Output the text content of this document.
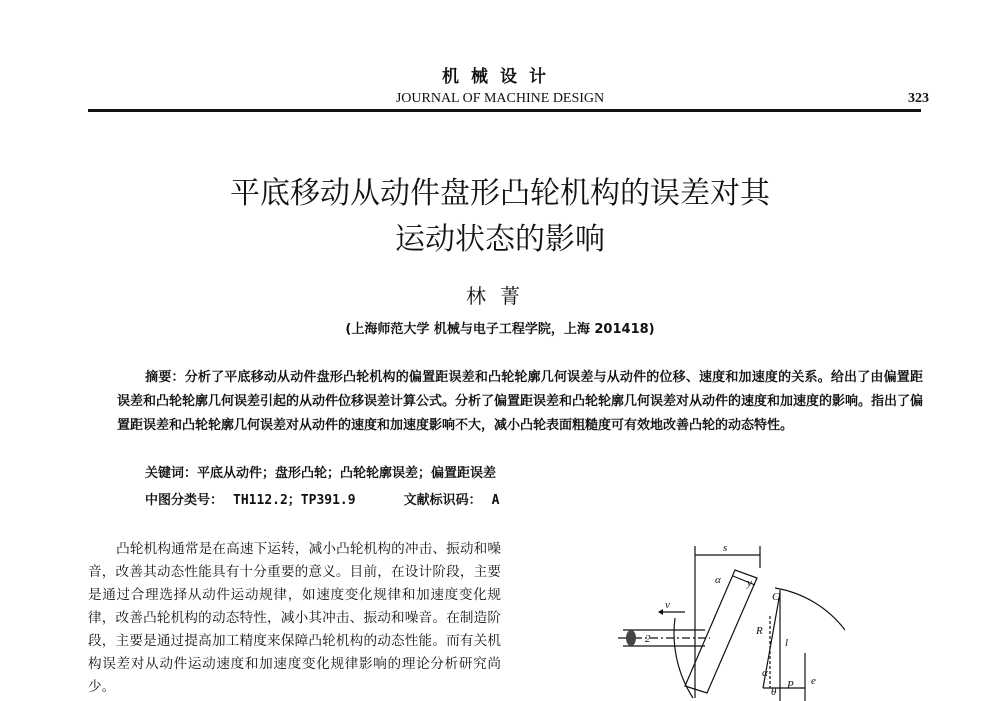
机械设计
JOURNAL OF MACHINE DESIGN	323
平底移动从动件盘形凸轮机构的误差对其
运动状态的影响
林菁
(上海师范大学 机械与电子工程学院，上海 201418)
摘要：分析了平底移动从动件盘形凸轮机构的偏置距误差和凸轮轮廓几何误差与从动件的位移、速度和加速度的关系。给出了由偏置距误差和凸轮轮廓几何误差引起的从动件位移误差计算公式。分析了偏置距误差和凸轮轮廓几何误差对从动件的速度和加速度的影响。指出了偏置距误差和凸轮轮廓几何误差对从动件的速度和加速度影响不大，减小凸轮表面粗糙度可有效地改善凸轮的动态特性。
关键词：平底从动件；盘形凸轮；凸轮轮廓误差；偏置距误差
中图分类号： TH112.2；TP391.9	文献标识码： A
凸轮机构通常是在高速下运转，减小凸轮机构的冲击、振动和噪音，改善其动态性能具有十分重要的意义。目前，在设计阶段，主要是通过合理选择从动件运动规律，如速度变化规律和加速度变化规律，改善凸轮机构的动态特性，减小其冲击、振动和噪音。在制造阶段，主要是通过提高加工精度来保障凸轮机构的动态性能。而有关机构误差对从动件运动速度和加速度变化规律影响的理论分析研究尚少。
s
α
v
y
C
R
l
2
θ
α
P e
